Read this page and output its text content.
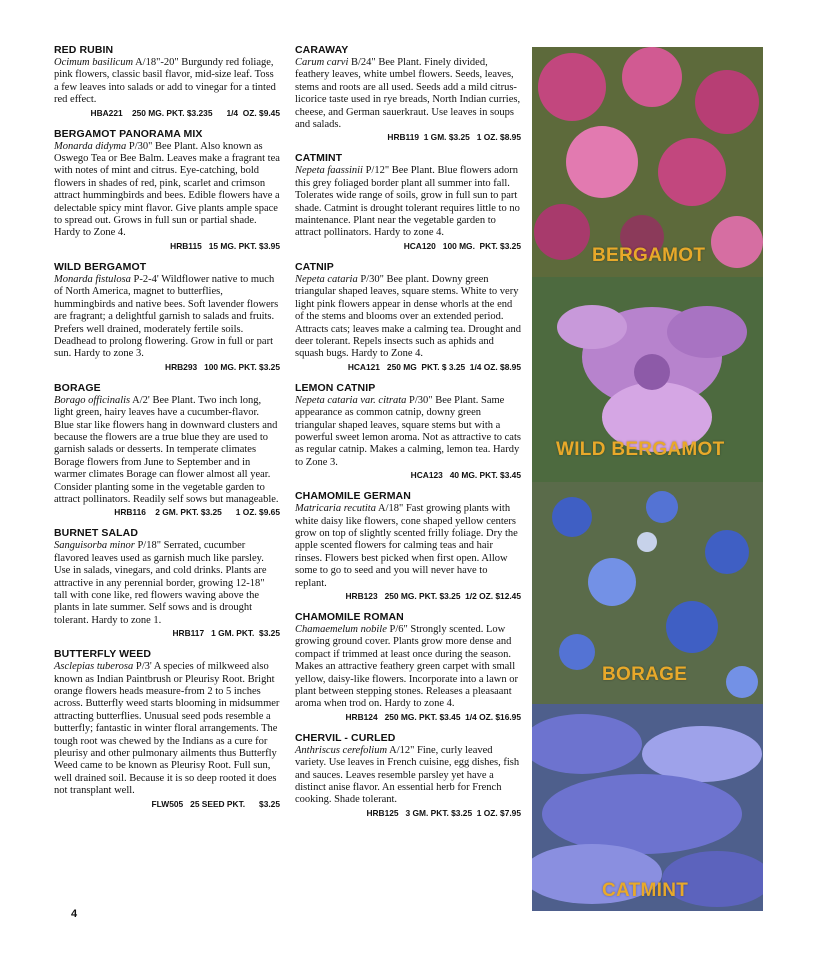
RED RUBIN

Ocimum basilicum A/18"-20" Burgundy red foliage, pink flowers, classic basil flavor, mid-size leaf. Toss a few leaves into salads or add to vinegar for a tinted red effect.

HBA221    250 MG. PKT. $3.235      1/4  OZ. $9.45

BERGAMOT PANORAMA MIX

Monarda didyma P/30" Bee Plant. Also known as Oswego Tea or Bee Balm. Leaves make a fragrant tea with notes of mint and citrus. Eye-catching, bold flowers in shades of red, pink, scarlet and crimson attract hummingbirds and bees. Edible flowers have a delectable spicy mint flavor. Give plants ample space to spread out. Grows in full sun or partial shade. Hardy to Zone 4.

HRB115   15 MG. PKT. $3.95

WILD BERGAMOT

Monarda fistulosa P-2-4' Wildflower native to much of North America, magnet to butterflies, hummingbirds and native bees. Soft lavender flowers are fragrant; a delightful garnish to salads and fruits. Prefers well drained, moderately fertile soils. Deadhead to prolong flowering. Grow in full or part sun. Hardy to zone 3.

HRB293   100 MG. PKT. $3.25

BORAGE

Borago officinalis A/2' Bee Plant. Two inch long, light green, hairy leaves have a cucumber-flavor. Blue star like flowers hang in downward clusters and because the flowers are a true blue they are used to garnish salads or desserts. In temperate climates Borage flowers from June to September and in warmer climates Borage can flower almost all year. Consider planting some in the vegetable garden to attract pollinators. Readily self sows but manageable.

HRB116    2 GM. PKT. $3.25      1 OZ. $9.65

BURNET SALAD

Sanguisorba minor P/18" Serrated, cucumber flavored leaves used as garnish much like parsley. Use in salads, vinegars, and cold drinks. Plants are attractive in any perennial border, growing 12-18" tall with cone like, red flowers waving above the plants in late summer. Self sows and is drought tolerant. Hardy to zone 1.

HRB117   1 GM. PKT.  $3.25

BUTTERFLY WEED

Asclepias tuberosa P/3' A species of milkweed also known as Indian Paintbrush or Pleurisy Root. Bright orange flowers heads measure-from 2 to 5 inches across. Butterfly weed starts blooming in midsummer attracting butterflies. Unusual seed pods resemble a butterfly; fantastic in winter floral arrangements. The tough root was chewed by the Indians as a cure for pleurisy and other pulmonary ailments thus Butterfly Weed came to be known as Pleurisy Root. Full sun, well drained soil. Because it is so deep rooted it does not transplant well.

FLW505   25 SEED PKT.      $3.25

CARAWAY

Carum carvi B/24" Bee Plant. Finely divided, feathery leaves, white umbel flowers. Seeds, leaves, stems and roots are all used. Seeds add a mild citrus-licorice taste used in rye breads, North Indian curries, cheese, and German sauerkraut. Use leaves in soups and salads.

HRB119  1 GM. $3.25   1 OZ. $8.95

CATMINT

Nepeta faassinii P/12" Bee Plant. Blue flowers adorn this grey foliaged border plant all summer into fall. Tolerates wide range of soils, grow in full sun to part shade. Catmint is drought tolerant requires little to no maintenance. Plant near the vegetable garden to attract pollinators. Hardy to zone 4.

HCA120   100 MG.  PKT. $3.25

CATNIP

Nepeta cataria P/30" Bee plant. Downy green triangular shaped leaves, square stems. White to very light pink flowers appear in dense whorls at the end of the stems and blooms over an extended period. Attracts cats; leaves make a calming tea. Drought and deer tolerant. Repels insects such as aphids and squash bugs. Hardy to Zone 4.

HCA121   250 MG  PKT. $ 3.25  1/4 OZ. $8.95

LEMON CATNIP

Nepeta cataria var. citrata P/30" Bee Plant. Same appearance as common catnip, downy green triangular shaped leaves, square stems but with a powerful sweet lemon aroma. Not as attractive to cats as regular catnip. Makes a calming, lemon tea. Hardy to Zone 3.

HCA123   40 MG. PKT. $3.45

CHAMOMILE GERMAN

Matricaria recutita A/18" Fast growing plants with white daisy like flowers, cone shaped yellow centers grow on top of slightly scented frilly foliage. Dry the apple scented flowers for calming teas and hair rinses. Flowers best picked when first open. Allow some to go to seed and you will never have to replant.

HRB123   250 MG. PKT. $3.25  1/2 OZ. $12.45

CHAMOMILE ROMAN

Chamaemelum nobile P/6" Strongly scented. Low growing ground cover. Plants grow more dense and compact if trimmed at least once during the season. Makes an attractive feathery green carpet with small yellow, daisy-like flowers. Incorporate into a lawn or plant between stepping stones. Releases a pleasaant aroma when trod on. Hardy to zone 4.

HRB124   250 MG. PKT. $3.45  1/4 OZ. $16.95

CHERVIL - CURLED

Anthriscus cerefolium A/12" Fine, curly leaved variety. Use leaves in French cuisine, egg dishes, fish and sauces. Leaves resemble parsley yet have a distinct anise flavor. An essential herb for French cooking. Shade tolerant.

HRB125   3 GM. PKT. $3.25  1 OZ. $7.95

BERGAMOT
WILD BERGAMOT
BORAGE
CATMINT
4
